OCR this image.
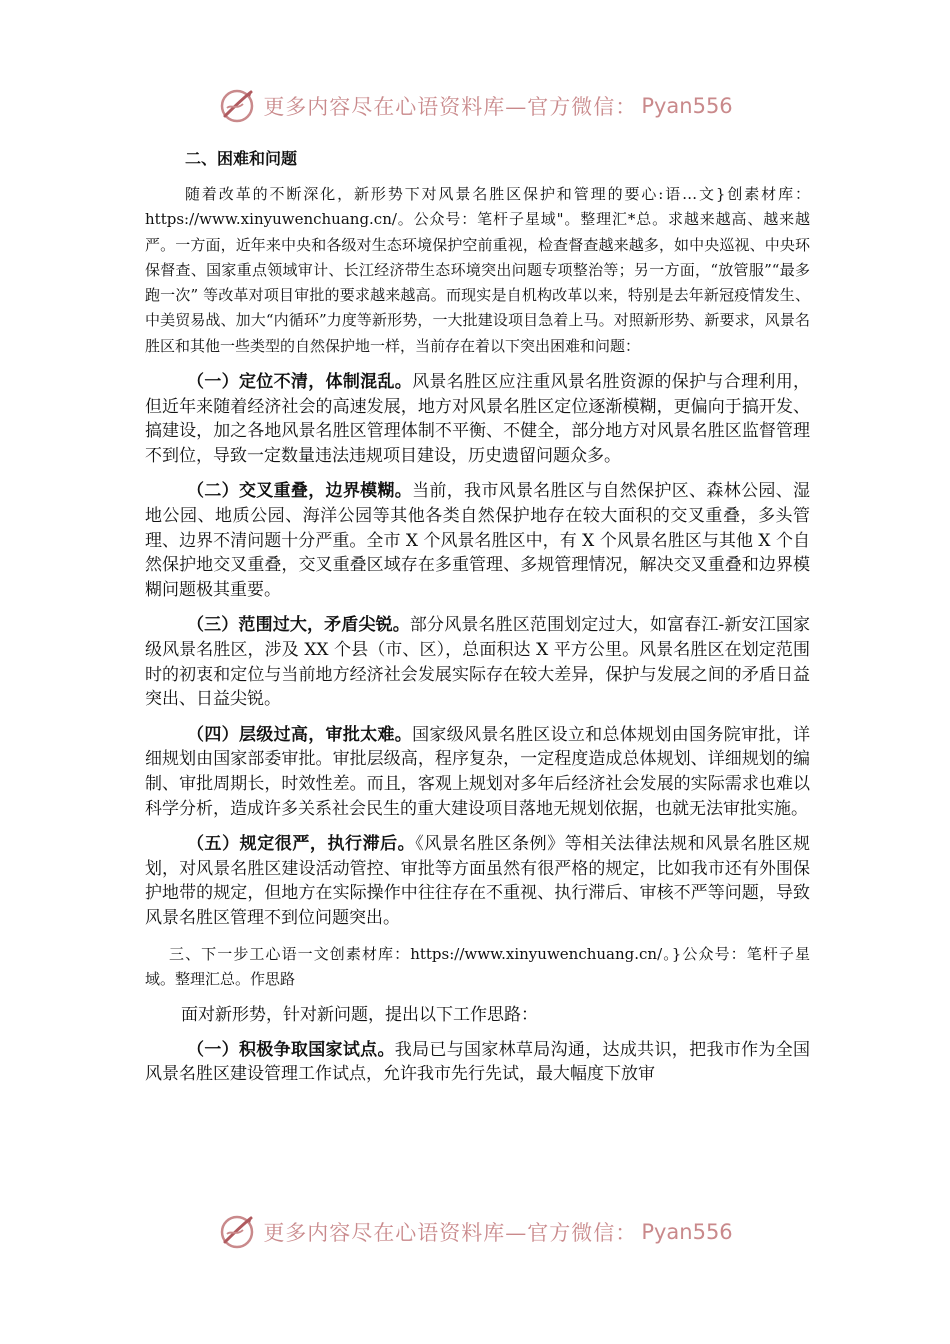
更多内容尽在心语资料库—官方微信： Pyan556

二、困难和问题

随着改革的不断深化，新形势下对风景名胜区保护和管理的要心:语…文}创素材库：https://www.xinyuwenchuang.cn/。公众号：笔杆子星域"。整理汇*总。求越来越高、越来越严。一方面，近年来中央和各级对生态环境保护空前重视，检查督查越来越多，如中央巡视、中央环保督查、国家重点领域审计、长江经济带生态环境突出问题专项整治等；另一方面，“放管服”“最多跑一次” 等改革对项目审批的要求越来越高。而现实是自机构改革以来，特别是去年新冠疫情发生、中美贸易战、加大“内循环”力度等新形势，一大批建设项目急着上马。对照新形势、新要求，风景名胜区和其他一些类型的自然保护地一样，当前存在着以下突出困难和问题：

（一）定位不清，体制混乱。风景名胜区应注重风景名胜资源的保护与合理利用，但近年来随着经济社会的高速发展，地方对风景名胜区定位逐渐模糊，更偏向于搞开发、搞建设，加之各地风景名胜区管理体制不平衡、不健全，部分地方对风景名胜区监督管理不到位，导致一定数量违法违规项目建设，历史遗留问题众多。

（二）交叉重叠，边界模糊。当前，我市风景名胜区与自然保护区、森林公园、湿地公园、地质公园、海洋公园等其他各类自然保护地存在较大面积的交叉重叠，多头管理、边界不清问题十分严重。全市 X 个风景名胜区中，有 X 个风景名胜区与其他 X 个自然保护地交叉重叠，交叉重叠区域存在多重管理、多规管理情况，解决交叉重叠和边界模糊问题极其重要。

（三）范围过大，矛盾尖锐。部分风景名胜区范围划定过大，如富春江-新安江国家级风景名胜区，涉及 XX 个县（市、区），总面积达 X 平方公里。风景名胜区在划定范围时的初衷和定位与当前地方经济社会发展实际存在较大差异，保护与发展之间的矛盾日益突出、日益尖锐。

（四）层级过高，审批太难。国家级风景名胜区设立和总体规划由国务院审批，详细规划由国家部委审批。审批层级高，程序复杂，一定程度造成总体规划、详细规划的编制、审批周期长，时效性差。而且，客观上规划对多年后经济社会发展的实际需求也难以科学分析，造成许多关系社会民生的重大建设项目落地无规划依据，也就无法审批实施。

（五）规定很严，执行滞后。《风景名胜区条例》等相关法律法规和风景名胜区规划，对风景名胜区建设活动管控、审批等方面虽然有很严格的规定，比如我市还有外围保护地带的规定，但地方在实际操作中往往存在不重视、执行滞后、审核不严等问题，导致风景名胜区管理不到位问题突出。

三、下一步工心语一文创素材库：https://www.xinyuwenchuang.cn/。}公众号：笔杆子星域。整理汇总。作思路

面对新形势，针对新问题，提出以下工作思路：

（一）积极争取国家试点。我局已与国家林草局沟通，达成共识，把我市作为全国风景名胜区建设管理工作试点，允许我市先行先试，最大幅度下放审

更多内容尽在心语资料库—官方微信： Pyan556
